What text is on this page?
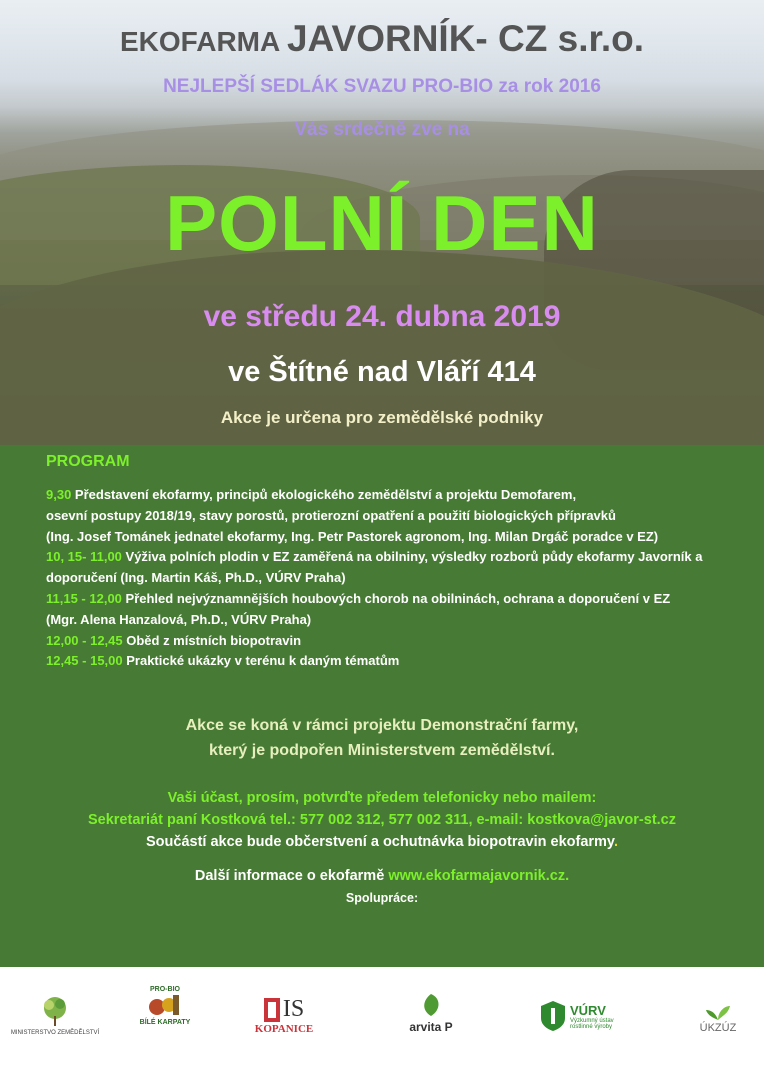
EKOFARMA JAVORNÍK- CZ s.r.o.
NEJLEPŠÍ SEDLÁK SVAZU PRO-BIO za rok 2016
Vás srdečně zve na
POLNÍ DEN
ve středu 24. dubna 2019
ve Štítné nad Vláří 414
Akce je určena pro zemědělské podniky
PROGRAM
9,30 Představení ekofarmy, principů ekologického zemědělství a projektu Demofarem,
osevní postupy 2018/19, stavy porostů, protierozní opatření a použití biologických přípravků
(Ing. Josef Tománek jednatel ekofarmy, Ing. Petr Pastorek agronom, Ing. Milan Drgáč poradce v EZ)
10, 15- 11,00 Výživa polních plodin v EZ zaměřená na obilniny, výsledky rozborů půdy ekofarmy Javorník a
doporučení (Ing. Martin Káš, Ph.D., VÚRV Praha)
11,15 - 12,00 Přehled nejvýznamnějších houbových chorob na obilninách, ochrana a doporučení v EZ
(Mgr. Alena Hanzalová, Ph.D., VÚRV Praha)
12,00 - 12,45 Oběd z místních biopotravin
12,45 - 15,00 Praktické ukázky v terénu k daným tématům
Akce se koná v rámci projektu Demonstrační farmy,
který je podpořen Ministerstvem zemědělství.
Vaši účast, prosím, potvrďte předem telefonicky nebo mailem:
Sekretariát paní Kostková tel.: 577 002 312, 577 002 311, e-mail: kostkova@javor-st.cz
Součástí akce bude občerstvení a ochutnávka biopotravin ekofarmy.
Další informace o ekofarmě www.ekofarmajavornik.cz.
Spolupráce:
MINISTERSTVO ZEMĚDĚLSTVÍ
PRO-BIO
BÍLÉ KARPATY
IS
KOPANICE	arvita P
VÚRV
Výzkumný ústav rostlinné výroby	ÚKZÚZ
